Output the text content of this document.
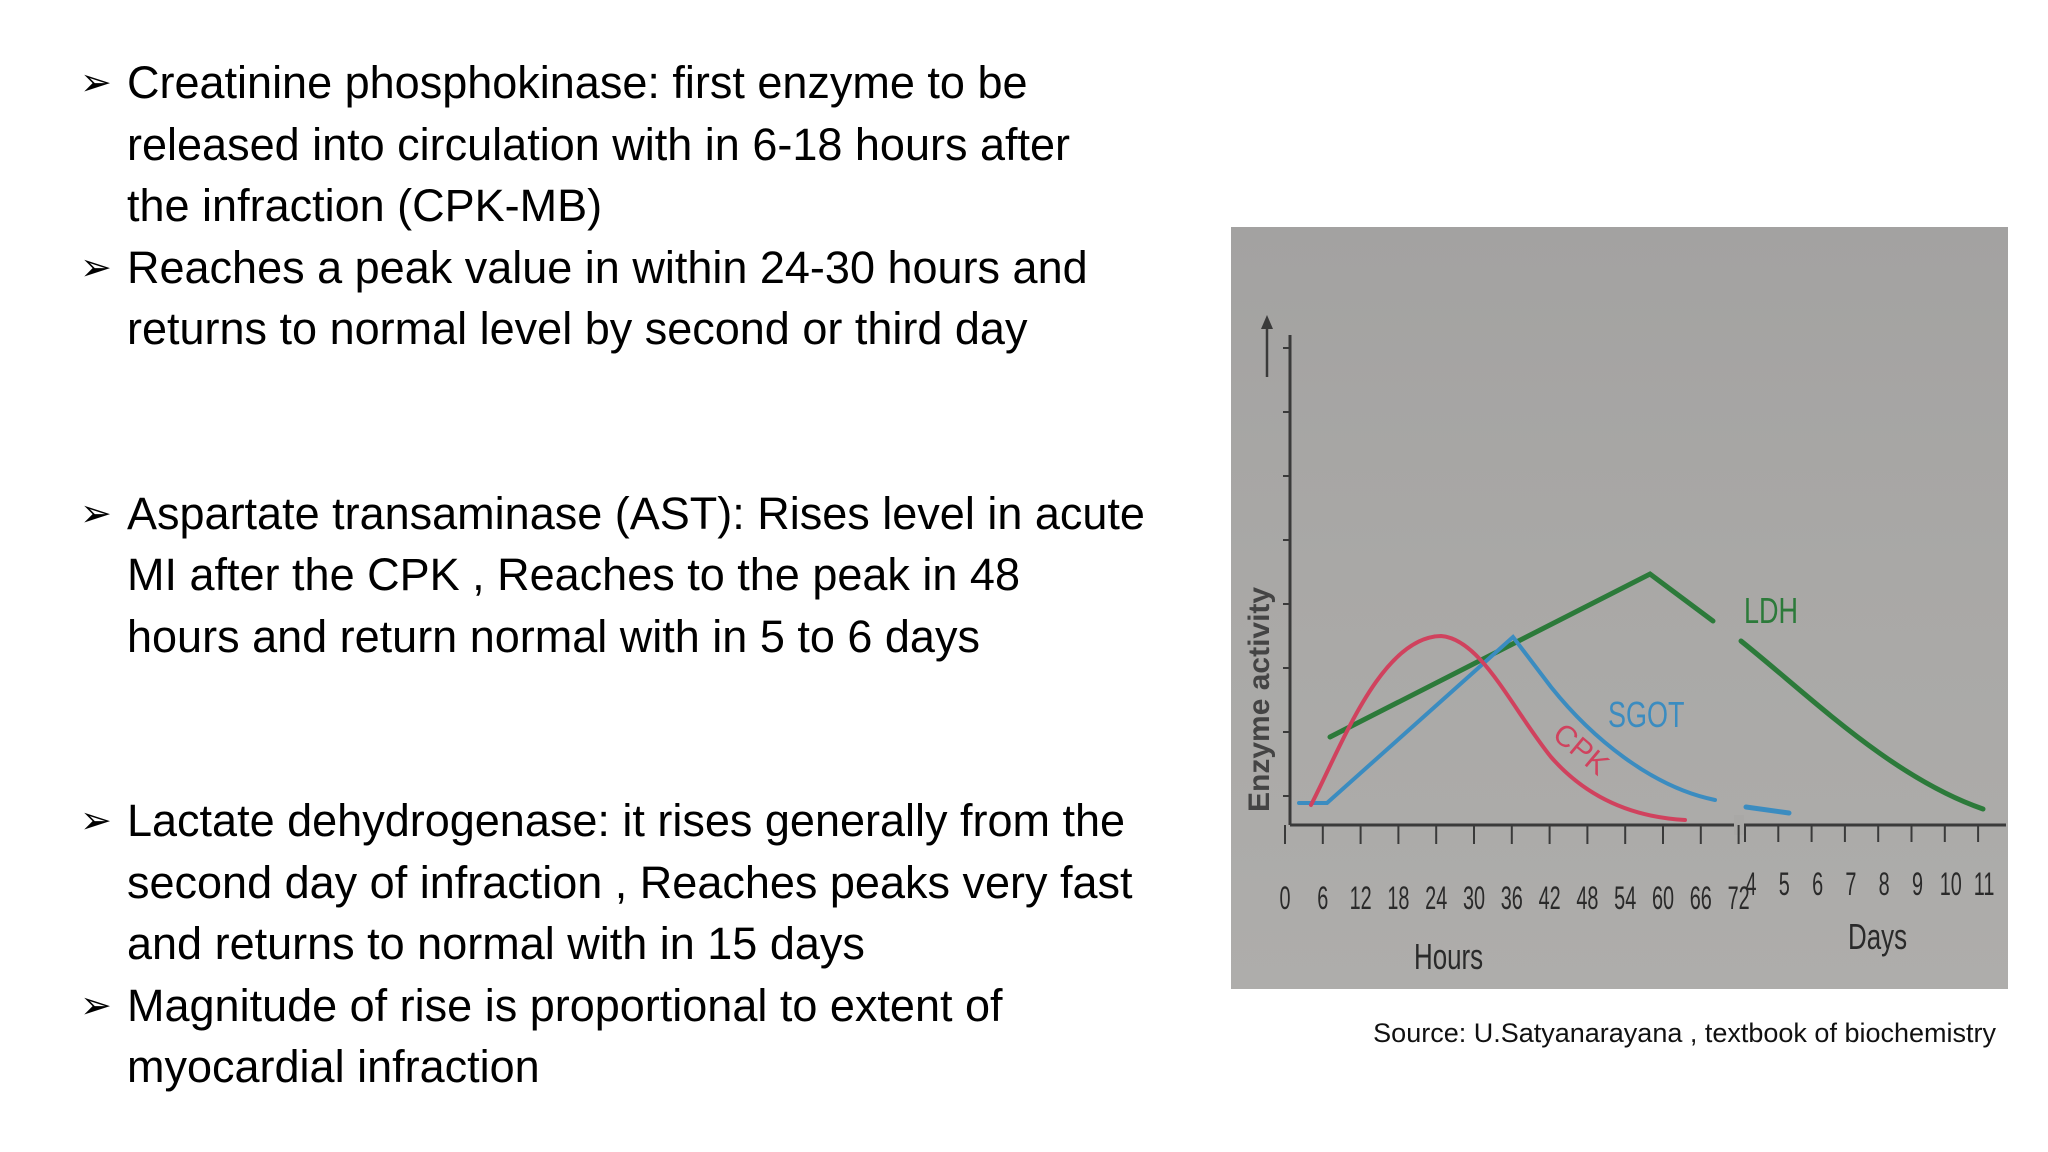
➢ Creatinine phosphokinase: first enzyme to be
released into circulation with in 6-18 hours after
the infraction (CPK-MB)
➢ Reaches a peak value in within 24-30 hours and
returns to normal level by second or third day
➢ Aspartate transaminase (AST): Rises level in acute
MI after the CPK , Reaches to the peak in 48
hours and return normal with in 5 to 6 days
➢ Lactate dehydrogenase: it rises generally from the
second day of infraction , Reaches peaks very fast
and returns to normal with in 15 days
➢ Magnitude of rise is proportional to extent of
myocardial infraction
0 6 12 18 24 30 36 42 48 54 60 66 72
4 5 6 7 8 9 10 11
LDH
SGOT
CPK
Enzyme activity
Hours	Days
Source: U.Satyanarayana , textbook of biochemistry
